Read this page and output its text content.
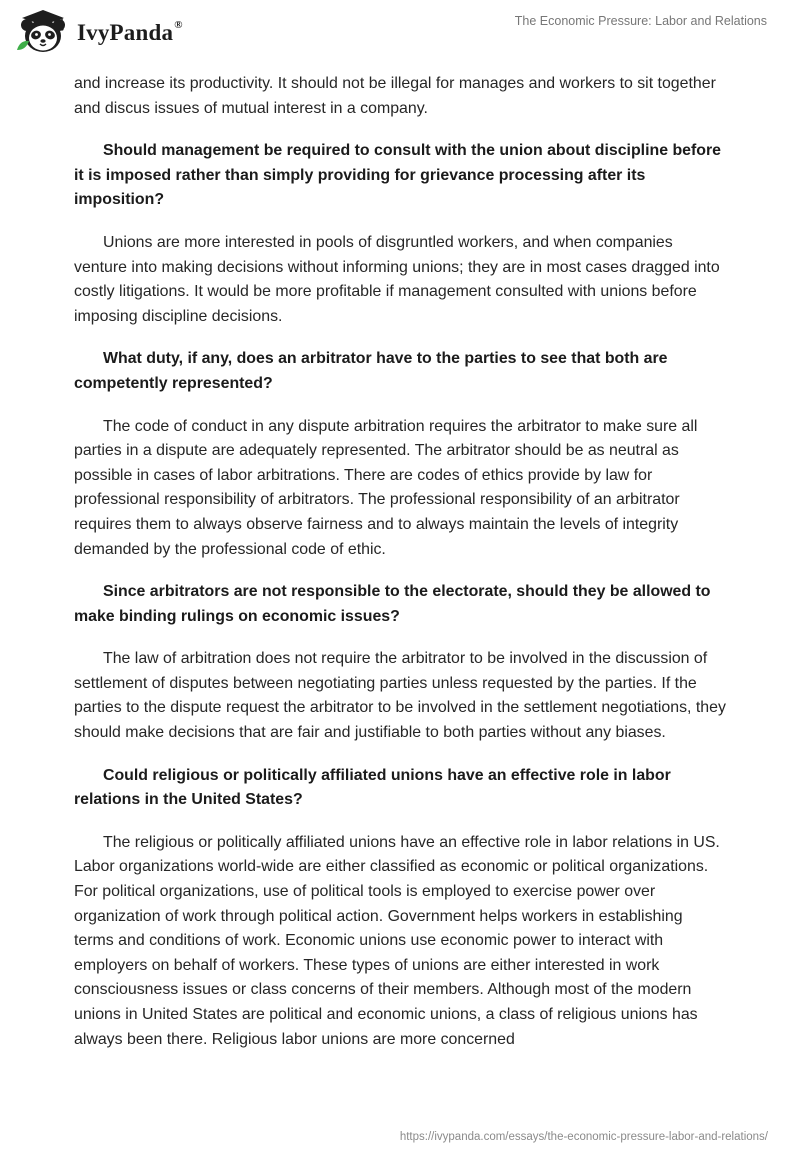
IvyPanda®	The Economic Pressure: Labor and Relations

and increase its productivity. It should not be illegal for manages and workers to sit together and discus issues of mutual interest in a company.

Should management be required to consult with the union about discipline before it is imposed rather than simply providing for grievance processing after its imposition?

Unions are more interested in pools of disgruntled workers, and when companies venture into making decisions without informing unions; they are in most cases dragged into costly litigations. It would be more profitable if management consulted with unions before imposing discipline decisions.

What duty, if any, does an arbitrator have to the parties to see that both are competently represented?

The code of conduct in any dispute arbitration requires the arbitrator to make sure all parties in a dispute are adequately represented. The arbitrator should be as neutral as possible in cases of labor arbitrations. There are codes of ethics provide by law for professional responsibility of arbitrators. The professional responsibility of an arbitrator requires them to always observe fairness and to always maintain the levels of integrity demanded by the professional code of ethic.

Since arbitrators are not responsible to the electorate, should they be allowed to make binding rulings on economic issues?

The law of arbitration does not require the arbitrator to be involved in the discussion of settlement of disputes between negotiating parties unless requested by the parties. If the parties to the dispute request the arbitrator to be involved in the settlement negotiations, they should make decisions that are fair and justifiable to both parties without any biases.

Could religious or politically affiliated unions have an effective role in labor relations in the United States?

The religious or politically affiliated unions have an effective role in labor relations in US. Labor organizations world-wide are either classified as economic or political organizations. For political organizations, use of political tools is employed to exercise power over organization of work through political action. Government helps workers in establishing terms and conditions of work. Economic unions use economic power to interact with employers on behalf of workers. These types of unions are either interested in work consciousness issues or class concerns of their members. Although most of the modern unions in United States are political and economic unions, a class of religious unions has always been there. Religious labor unions are more concerned

https://ivypanda.com/essays/the-economic-pressure-labor-and-relations/
